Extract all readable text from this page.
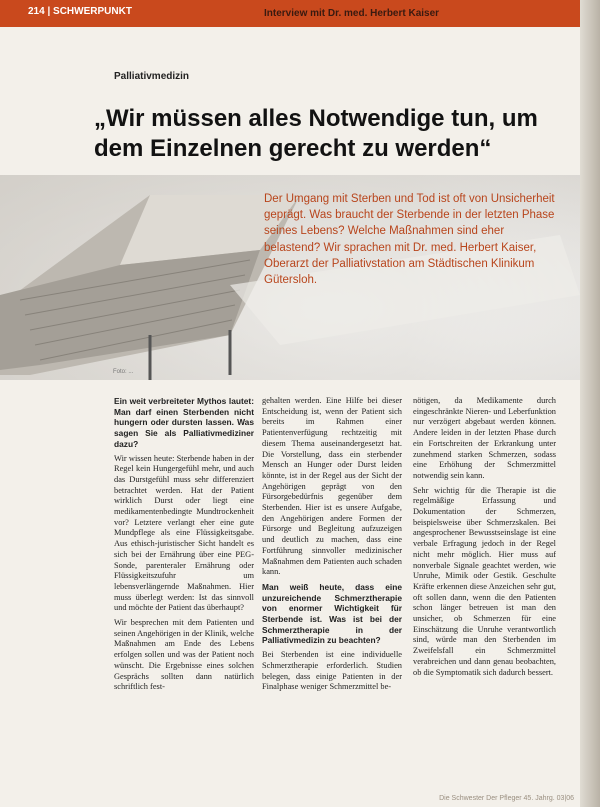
214 | SCHWERPUNKT	Interview mit Dr. med. Herbert Kaiser
Palliativmedizin
„Wir müssen alles Notwendige tun, um dem Einzelnen gerecht zu werden“
Der Umgang mit Sterben und Tod ist oft von Unsicherheit geprägt. Was braucht der Sterbende in der letzten Phase seines Lebens? Welche Maßnahmen sind eher belastend? Wir sprachen mit Dr. med. Herbert Kaiser, Oberarzt der Palliativstation am Städtischen Klinikum Gütersloh.
Foto: ...

Ein weit verbreiteter Mythos lautet: Man darf einen Sterbenden nicht hungern oder dursten lassen. Was sagen Sie als Palliativmediziner dazu?

Wir wissen heute: Sterbende haben in der Regel kein Hungergefühl mehr, und auch das Durstgefühl muss sehr differenziert betrachtet werden. Hat der Patient wirklich Durst oder liegt eine medikamentenbedingte Mundtrockenheit vor? Letztere verlangt eher eine gute Mundpflege als eine Flüssigkeitsgabe. Aus ethisch-juristischer Sicht handelt es sich bei der Ernährung über eine PEG-Sonde, parenteraler Ernährung oder Flüssigkeitszufuhr um lebensverlängernde Maßnahmen. Hier muss überlegt werden: Ist das sinnvoll und möchte der Patient das überhaupt?

Wir besprechen mit dem Patienten und seinen Angehörigen in der Klinik, welche Maßnahmen am Ende des Lebens erfolgen sollen und was der Patient noch wünscht. Die Ergebnisse eines solchen Gesprächs sollten dann natürlich schriftlich fest-

gehalten werden. Eine Hilfe bei dieser Entscheidung ist, wenn der Patient sich bereits im Rahmen einer Patientenverfügung rechtzeitig mit diesem Thema auseinandergesetzt hat. Die Vorstellung, dass ein sterbender Mensch an Hunger oder Durst leiden könnte, ist in der Regel aus der Sicht der Angehörigen geprägt von den Fürsorgebedürfnis gegenüber dem Sterbenden. Hier ist es unsere Aufgabe, den Angehörigen andere Formen der Fürsorge und Begleitung aufzuzeigen und deutlich zu machen, dass eine Fortführung sinnvoller medizinischer Maßnahmen dem Patienten auch schaden kann.

Man weiß heute, dass eine unzureichende Schmerztherapie von enormer Wichtigkeit für Sterbende ist. Was ist bei der Schmerztherapie in der Palliativmedizin zu beachten?

Bei Sterbenden ist eine individuelle Schmerztherapie erforderlich. Studien belegen, dass einige Patienten in der Finalphase weniger Schmerzmittel be-

nötigen, da Medikamente durch eingeschränkte Nieren- und Leberfunktion nur verzögert abgebaut werden können. Andere leiden in der letzten Phase durch ein Fortschreiten der Erkrankung unter zunehmend starken Schmerzen, sodass eine Erhöhung der Schmerzmittel notwendig sein kann.

Sehr wichtig für die Therapie ist die regelmäßige Erfassung und Dokumentation der Schmerzen, beispielsweise über Schmerzskalen. Bei angesprochener Bewusstseinslage ist eine verbale Erfragung jedoch in der Regel nicht mehr möglich. Hier muss auf nonverbale Signale geachtet werden, wie Unruhe, Mimik oder Gestik. Geschulte Kräfte erkennen diese Anzeichen sehr gut, oft sollen dann, wenn die den Patienten schon länger betreuen ist man den unsicher, ob Schmerzen für eine Einschätzung die Unruhe verantwortlich sind, würde man den Sterbenden im Zweifelsfall ein Schmerzmittel verabreichen und dann genau beobachten, ob die Symptomatik sich dadurch bessert.

Die Schwester Der Pfleger 45. Jahrg. 03|06
